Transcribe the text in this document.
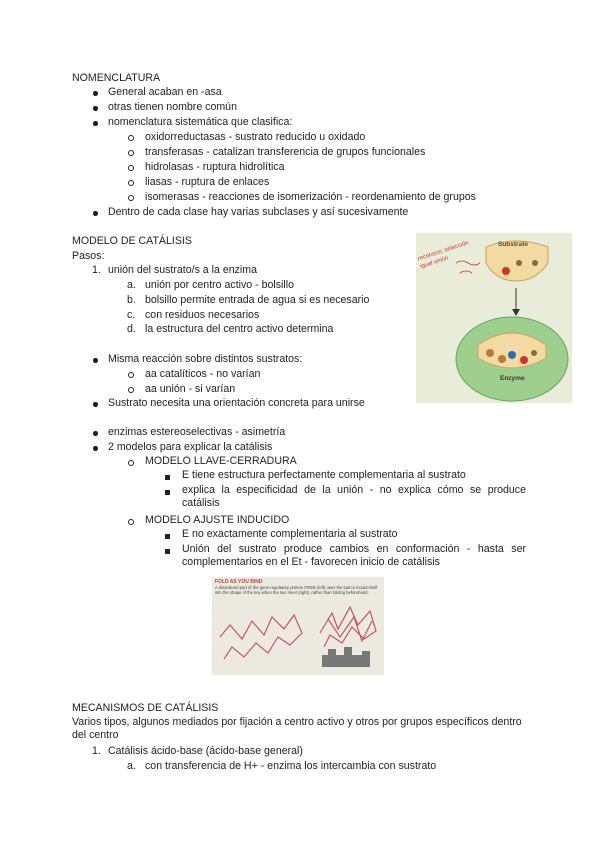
NOMENCLATURA
General acaban en -asa
otras tienen nombre común
nomenclatura sistemática que clasifica:
oxidorreductasas - sustrato reducido u oxidado
transferasas - catalizan transferencia de grupos funcionales
hidrolasas - ruptura hidrolítica
liasas - ruptura de enlaces
isomerasas - reacciones de isomerización - reordenamiento de grupos
Dentro de cada clase hay varias subclases y así sucesivamente
MODELO DE CATÁLISIS
Pasos:
1. unión del sustrato/s a la enzima
a. unión por centro activo - bolsillo
b. bolsillo permite entrada de agua si es necesario
c. con residuos necesarios
d. la estructura del centro activo determina
Misma reacción sobre distintos sustratos:
aa catalíticos - no varían
aa unión - si varían
Sustrato necesita una orientación concreta para unirse
enzimas estereoselectivas - asimetría
2 modelos para explicar la catálisis
MODELO LLAVE-CERRADURA
E tiene estructura perfectamente complementaria al sustrato
explica la especificidad de la unión - no explica cómo se produce catálisis
MODELO AJUSTE INDUCIDO
E no exactamente complementaria al sustrato
Unión del sustrato produce cambios en conformación - hasta ser complementarios en el Et - favorecen inicio de catálisis
Substrate
Enzyme
reconoce; selección igual unión
FOLD AS YOU BIND
A disordered part of the gene-regulatory protein CREB (left) uses the bait to mould itself into the shape of the key when the two meet (right), rather than folding beforehand.
MECANISMOS DE CATÁLISIS
Varios tipos, algunos mediados por fijación a centro activo y otros por grupos específicos dentro del centro
1. Catálisis ácido-base (ácido-base general)
a. con transferencia de H+ - enzima los intercambia con sustrato
